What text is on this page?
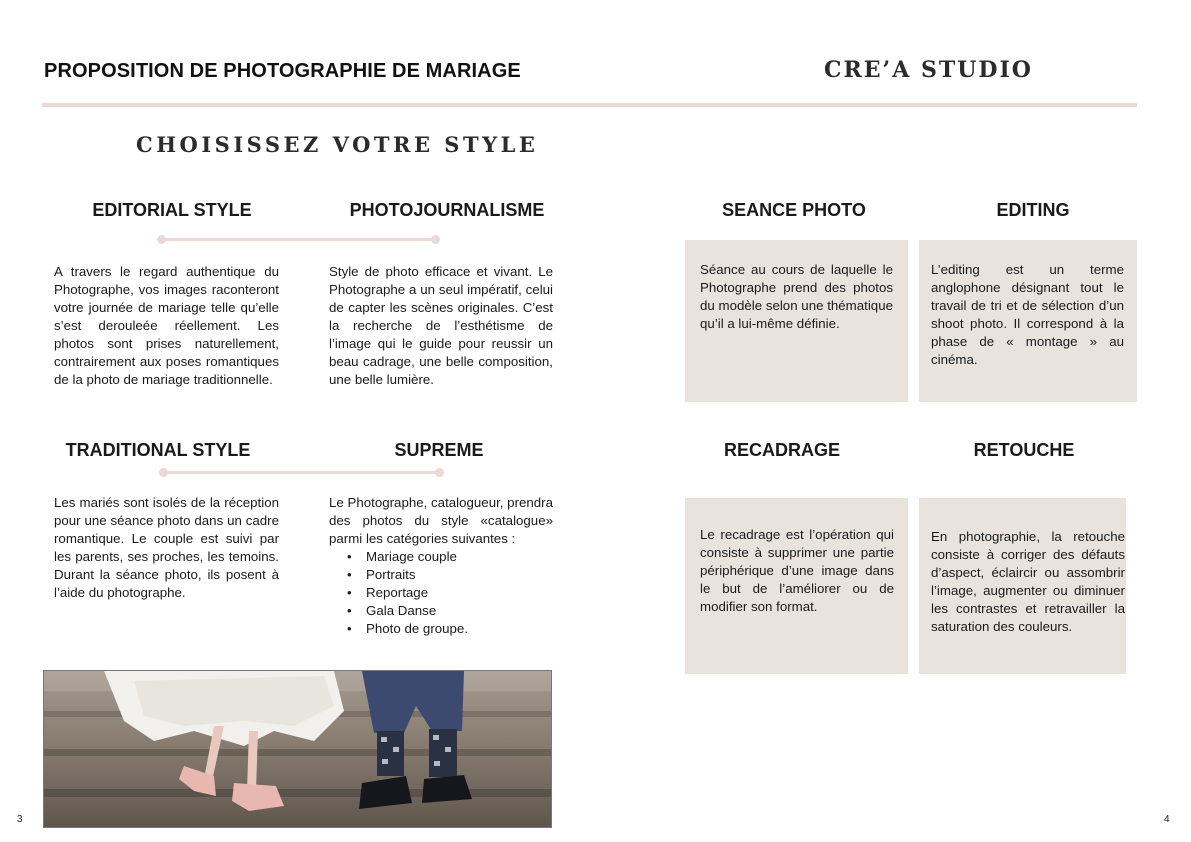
PROPOSITION DE PHOTOGRAPHIE DE MARIAGE	CRE’A STUDIO
CHOISISSEZ VOTRE STYLE
EDITORIAL STYLE	PHOTOJOURNALISME
A travers le regard authentique du Photographe, vos images raconteront votre journée de mariage telle qu’elle s’est derouleée réellement. Les photos sont prises naturellement, contrairement aux poses romantiques de la photo de mariage traditionnelle.
Style de photo efficace et vivant. Le Photographe a un seul impératif, celui de capter les scènes originales. C’est la recherche de l’esthétisme de l’image qui le guide pour reussir un beau cadrage, une belle composition, une belle lumière.
TRADITIONAL STYLE	SUPREME
Les mariés sont isolés de la réception pour une séance photo dans un cadre romantique. Le couple est suivi par les parents, ses proches, les temoins. Durant la séance photo, ils posent à l’aide du photographe.
Le Photographe, catalogueur, prendra des photos du style «catalogue» parmi les catégories suivantes :
• Mariage couple
• Portraits
• Reportage
• Gala Danse
• Photo de groupe.
3
SEANCE PHOTO	EDITING
Séance au cours de laquelle le Photographe prend des photos du modèle selon une thématique qu’il a lui-même définie.
L’editing est un terme anglophone désignant tout le travail de tri et de sélection d’un shoot photo. Il correspond à la phase de « montage » au cinéma.
RECADRAGE	RETOUCHE
Le recadrage est l’opération qui consiste à supprimer une partie périphérique d’une image dans le but de l’améliorer ou de modifier son format.
En photographie, la retouche consiste à corriger des défauts d’aspect, éclaircir ou assombrir l’image, augmenter ou diminuer les contrastes et retravailler la saturation des couleurs.
4
